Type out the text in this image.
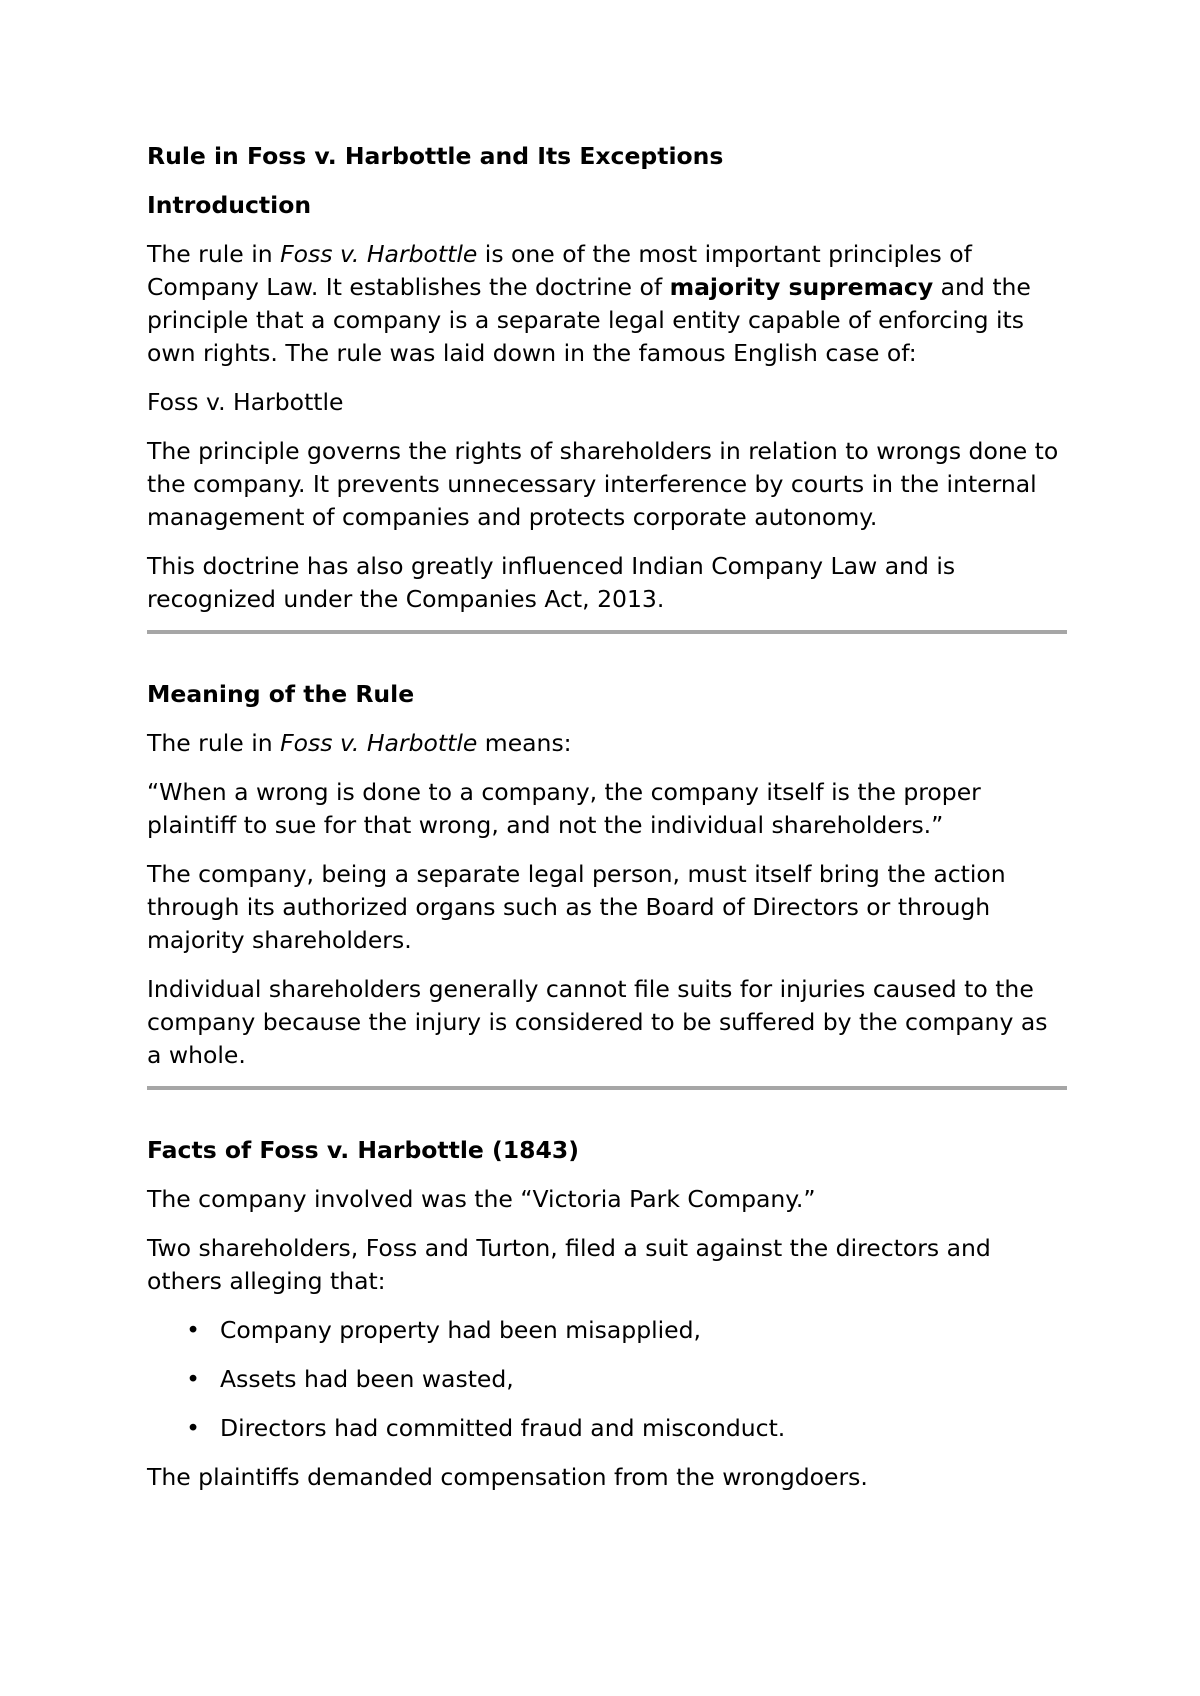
Rule in Foss v. Harbottle and Its Exceptions
Introduction

The rule in Foss v. Harbottle is one of the most important principles of Company Law. It establishes the doctrine of majority supremacy and the principle that a company is a separate legal entity capable of enforcing its own rights. The rule was laid down in the famous English case of:

Foss v. Harbottle

The principle governs the rights of shareholders in relation to wrongs done to the company. It prevents unnecessary interference by courts in the internal management of companies and protects corporate autonomy.

This doctrine has also greatly influenced Indian Company Law and is recognized under the Companies Act, 2013.

Meaning of the Rule

The rule in Foss v. Harbottle means:

“When a wrong is done to a company, the company itself is the proper plaintiff to sue for that wrong, and not the individual shareholders.”

The company, being a separate legal person, must itself bring the action through its authorized organs such as the Board of Directors or through majority shareholders.

Individual shareholders generally cannot file suits for injuries caused to the company because the injury is considered to be suffered by the company as a whole.

Facts of Foss v. Harbottle (1843)

The company involved was the “Victoria Park Company.”

Two shareholders, Foss and Turton, filed a suit against the directors and others alleging that:

• Company property had been misapplied,
• Assets had been wasted,
• Directors had committed fraud and misconduct.

The plaintiffs demanded compensation from the wrongdoers.
